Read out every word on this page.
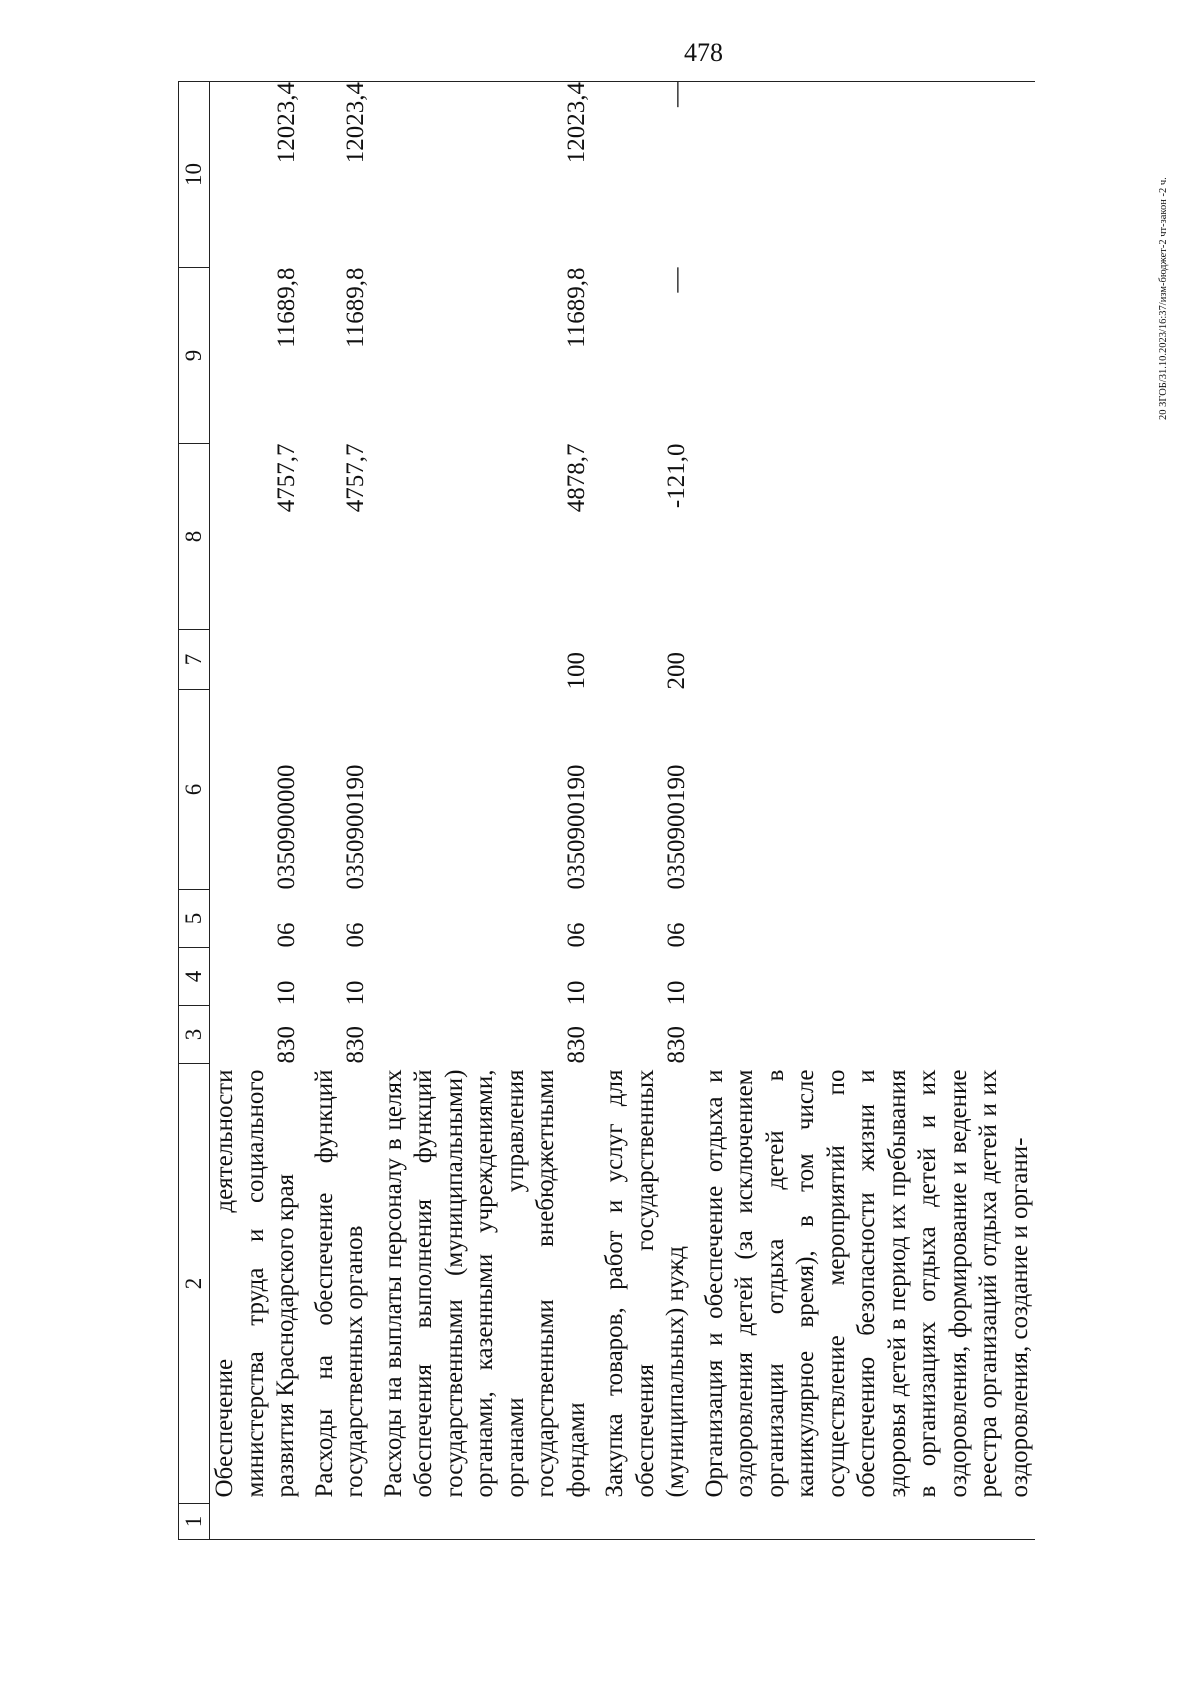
478
20 ЗГОБ/31.10.2023/16:37/изм-бюджет-2 чт-закон -2 ч.
1	2	3	4	5	6	7	8	9	10
	Обеспечение деятельности министерства труда и социального развития Краснодарского края	830	10	06	0350900000		4757,7	11689,8	12023,4
	Расходы на обеспечение функций государственных органов	830	10	06	0350900190		4757,7	11689,8	12023,4
	Расходы на выплаты персоналу в целях обеспечения выполнения функций государственными (муниципальными) органами, казенными учреждениями, органами управления государственными внебюджетными фондами	830	10	06	0350900190	100	4878,7	11689,8	12023,4
	Закупка товаров, работ и услуг для обеспечения государственных (муниципальных) нужд	830	10	06	0350900190	200	-121,0	—	—
	Организация и обеспечение отдыха и оздоровления детей (за исключением организации отдыха детей в каникулярное время), в том числе осуществление мероприятий по обеспечению безопасности жизни и здоровья детей в период их пребывания в организациях отдыха детей и их оздоровления, формирование и ведение реестра организаций отдыха детей и их оздоровления, создание и органи-								
